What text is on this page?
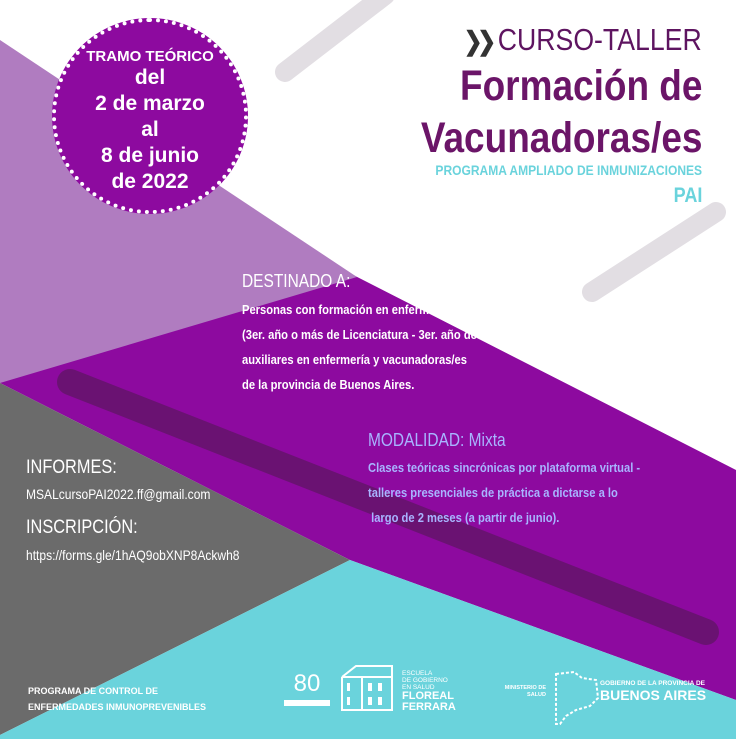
TRAMO TEÓRICO
del
2 de marzo
al
8 de junio
de 2022
❯❯ CURSO-TALLER
Formación de
Vacunadoras/es
PROGRAMA AMPLIADO DE INMUNIZACIONES
PAI
DESTINADO A:
Personas con formación en enfermería
(3er. año o más de Licenciatura - 3er. año de Tecnicatura),
auxiliares en enfermería y vacunadoras/es
de la provincia de Buenos Aires.
MODALIDAD: Mixta
Clases teóricas sincrónicas por plataforma virtual -
talleres presenciales de práctica a dictarse a lo
largo de 2 meses (a partir de junio).
INFORMES:
MSALcursoPAI2022.ff@gmail.com
INSCRIPCIÓN:
https://forms.gle/1hAQ9obXNP8Ackwh8
PROGRAMA DE CONTROL DE
ENFERMEDADES INMUNOPREVENIBLES
80	ESCUELA
DE GOBIERNO
EN SALUD
FLOREAL
FERRARA
MINISTERIO DE
SALUD
GOBIERNO DE LA PROVINCIA DE
BUENOS AIRES
